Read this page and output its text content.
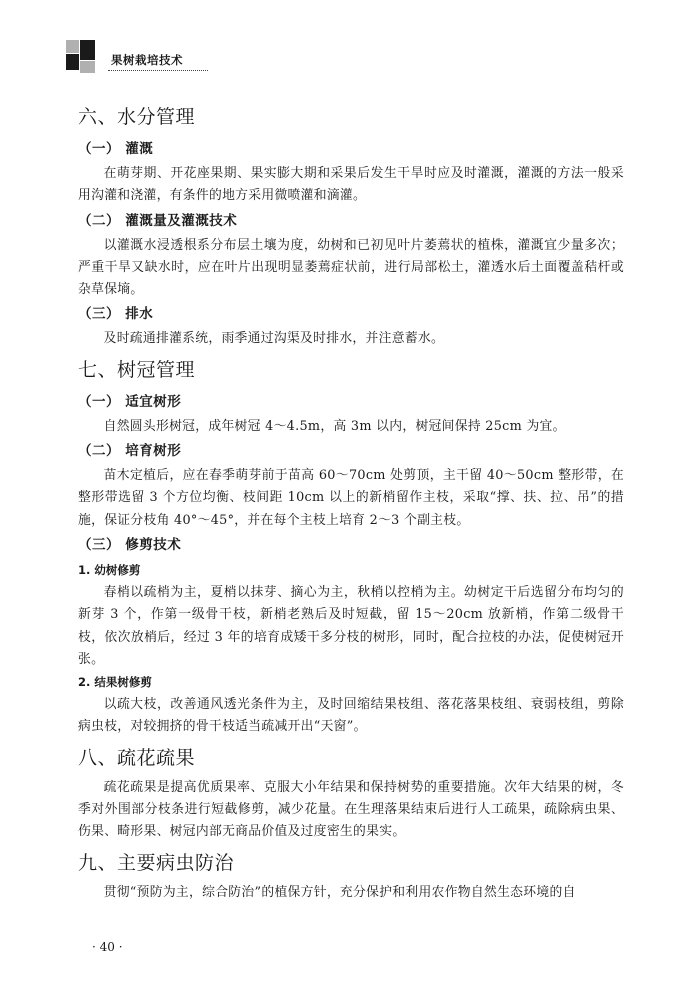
果树栽培技术
六、水分管理
（一） 灌溉

在萌芽期、开花座果期、果实膨大期和采果后发生干旱时应及时灌溉，灌溉的方法一般采用沟灌和浇灌，有条件的地方采用微喷灌和滴灌。

（二） 灌溉量及灌溉技术

以灌溉水浸透根系分布层土壤为度，幼树和已初见叶片萎蔫状的植株，灌溉宜少量多次；严重干旱又缺水时，应在叶片出现明显萎蔫症状前，进行局部松土，灌透水后土面覆盖秸杆或杂草保墒。

（三） 排水

及时疏通排灌系统，雨季通过沟渠及时排水，并注意蓄水。

七、树冠管理
（一） 适宜树形

自然圆头形树冠，成年树冠 4～4.5m，高 3m 以内，树冠间保持 25cm 为宜。

（二） 培育树形

苗木定植后，应在春季萌芽前于苗高 60～70cm 处剪顶，主干留 40～50cm 整形带，在整形带选留 3 个方位均衡、枝间距 10cm 以上的新梢留作主枝，采取“撑、扶、拉、吊”的措施，保证分枝角 40°～45°，并在每个主枝上培育 2～3 个副主枝。

（三） 修剪技术
1. 幼树修剪

春梢以疏梢为主，夏梢以抹芽、摘心为主，秋梢以控梢为主。幼树定干后选留分布均匀的新芽 3 个，作第一级骨干枝，新梢老熟后及时短截，留 15～20cm 放新梢，作第二级骨干枝，依次放梢后，经过 3 年的培育成矮干多分枝的树形，同时，配合拉枝的办法，促使树冠开张。

2. 结果树修剪

以疏大枝，改善通风透光条件为主，及时回缩结果枝组、落花落果枝组、衰弱枝组，剪除病虫枝，对较拥挤的骨干枝适当疏减开出“天窗”。

八、疏花疏果

疏花疏果是提高优质果率、克服大小年结果和保持树势的重要措施。次年大结果的树，冬季对外围部分枝条进行短截修剪，减少花量。在生理落果结束后进行人工疏果，疏除病虫果、伤果、畸形果、树冠内部无商品价值及过度密生的果实。

九、主要病虫防治

贯彻“预防为主，综合防治”的植保方针，充分保护和利用农作物自然生态环境的自

· 40 ·
